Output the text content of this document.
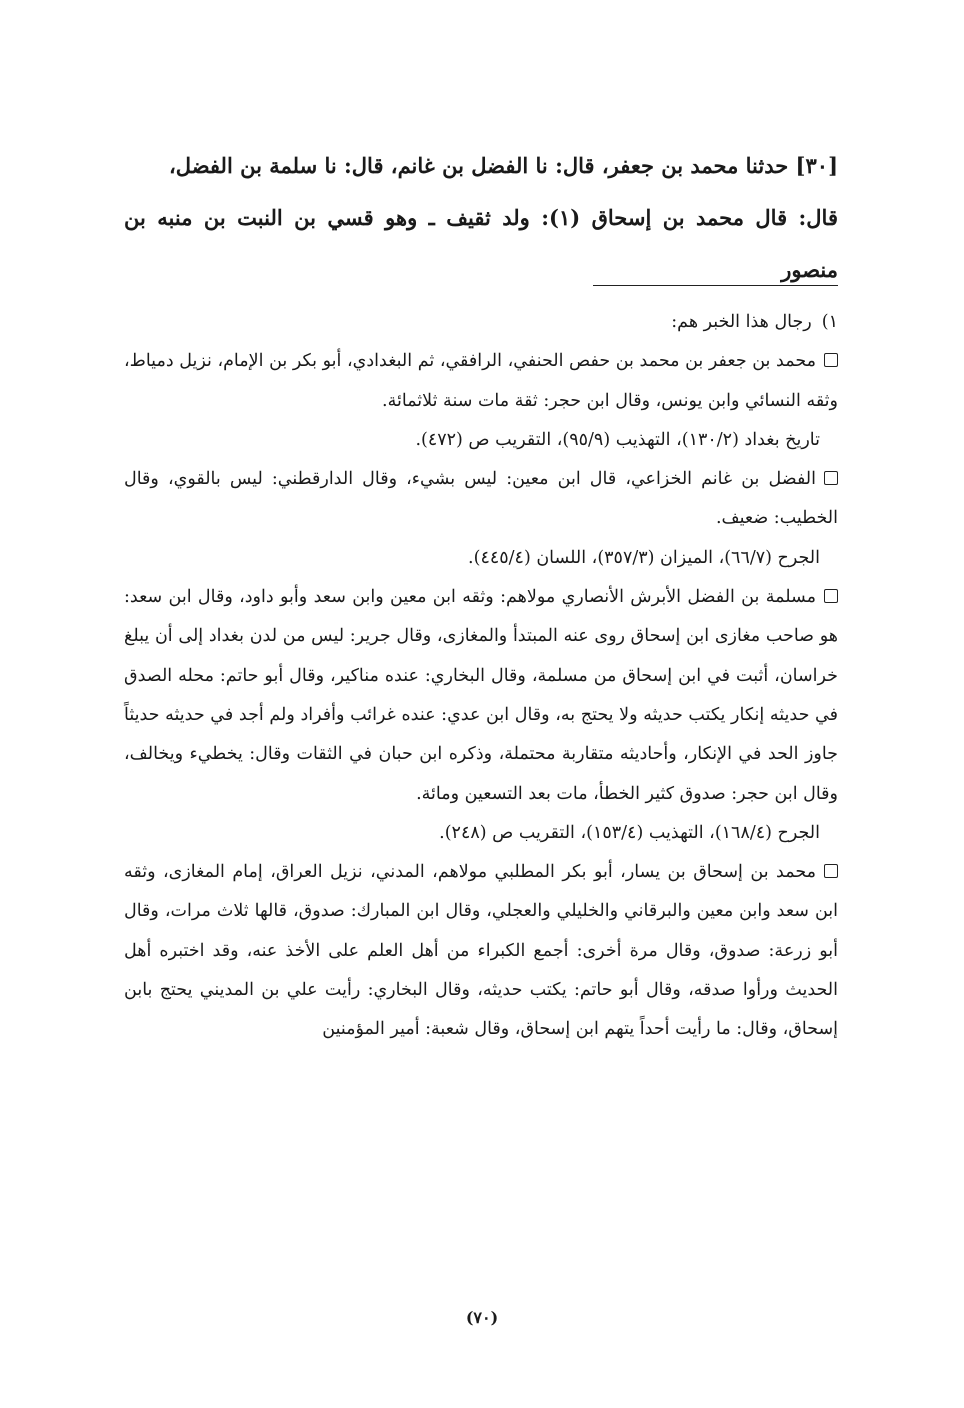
[٣٠] حدثنا محمد بن جعفر، قال: نا الفضل بن غانم، قال: نا سلمة بن الفضل،

قال: قال محمد بن إسحاق (١): ولد ثقيف ـ وهو قسي بن النبت بن منبه بن منصور

١)رجال هذا الخبر هم:

محمد بن جعفر بن محمد بن حفص الحنفي، الرافقي، ثم البغدادي، أبو بكر بن الإمام، نزيل دمياط، وثقه النسائي وابن يونس، وقال ابن حجر: ثقة مات سنة ثلاثمائة.

تاريخ بغداد (١٣٠/٢)، التهذيب (٩٥/٩)، التقريب ص (٤٧٢).

الفضل بن غانم الخزاعي، قال ابن معين: ليس بشيء، وقال الدارقطني: ليس بالقوي، وقال الخطيب: ضعيف.

الجرح (٦٦/٧)، الميزان (٣٥٧/٣)، اللسان (٤٤٥/٤).

مسلمة بن الفضل الأبرش الأنصاري مولاهم: وثقه ابن معين وابن سعد وأبو داود، وقال ابن سعد: هو صاحب مغازى ابن إسحاق روى عنه المبتدأ والمغازى، وقال جرير: ليس من لدن بغداد إلى أن يبلغ خراسان، أثبت في ابن إسحاق من مسلمة، وقال البخاري: عنده مناكير، وقال أبو حاتم: محله الصدق في حديثه إنكار يكتب حديثه ولا يحتج به، وقال ابن عدي: عنده غرائب وأفراد ولم أجد في حديثه حديثاً جاوز الحد في الإنكار، وأحاديثه متقاربة محتملة، وذكره ابن حبان في الثقات وقال: يخطيء ويخالف، وقال ابن حجر: صدوق كثير الخطأ، مات بعد التسعين ومائة.

الجرح (١٦٨/٤)، التهذيب (١٥٣/٤)، التقريب ص (٢٤٨).

محمد بن إسحاق بن يسار، أبو بكر المطلبي مولاهم، المدني، نزيل العراق، إمام المغازى، وثقه ابن سعد وابن معين والبرقاني والخليلي والعجلي، وقال ابن المبارك: صدوق، قالها ثلاث مرات، وقال أبو زرعة: صدوق، وقال مرة أخرى: أجمع الكبراء من أهل العلم على الأخذ عنه، وقد اختبره أهل الحديث ورأوا صدقه، وقال أبو حاتم: يكتب حديثه، وقال البخاري: رأيت علي بن المديني يحتج بابن إسحاق، وقال: ما رأيت أحداً يتهم ابن إسحاق، وقال شعبة: أمير المؤمنين

(٧٠)
